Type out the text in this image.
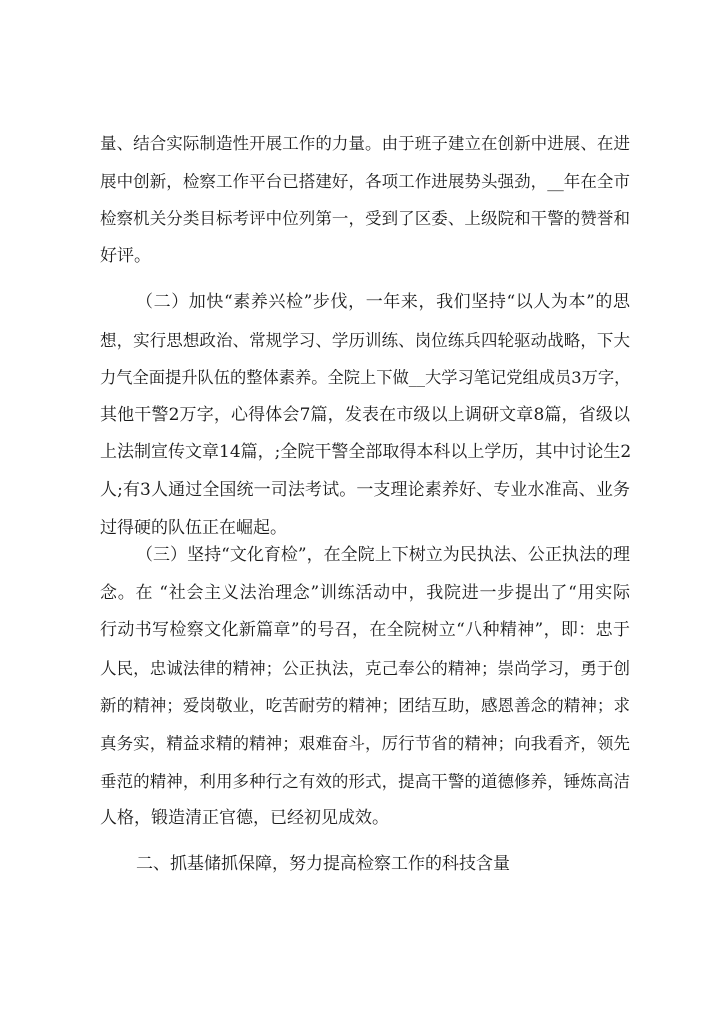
量、结合实际制造性开展工作的力量。由于班子建立在创新中进展、在进
展中创新，检察工作平台已搭建好，各项工作进展势头强劲，__年在全市
检察机关分类目标考评中位列第一，受到了区委、上级院和干警的赞誉和
好评。
（二）加快“素养兴检”步伐，一年来，我们坚持“以人为本”的思
想，实行思想政治、常规学习、学历训练、岗位练兵四轮驱动战略，下大
力气全面提升队伍的整体素养。全院上下做__大学习笔记党组成员3万字，
其他干警2万字，心得体会7篇，发表在市级以上调研文章8篇，省级以
上法制宣传文章14篇，;全院干警全部取得本科以上学历，其中讨论生2
人;有3人通过全国统一司法考试。一支理论素养好、专业水准高、业务
过得硬的队伍正在崛起。
（三）坚持“文化育检”，在全院上下树立为民执法、公正执法的理
念。在 “社会主义法治理念”训练活动中，我院进一步提出了“用实际
行动书写检察文化新篇章”的号召，在全院树立“八种精神”，即：忠于
人民，忠诚法律的精神；公正执法，克己奉公的精神；崇尚学习，勇于创
新的精神；爱岗敬业，吃苦耐劳的精神；团结互助，感恩善念的精神；求
真务实，精益求精的精神；艰难奋斗，厉行节省的精神；向我看齐，领先
垂范的精神，利用多种行之有效的形式，提高干警的道德修养，锤炼高洁
人格，锻造清正官德，已经初见成效。
二、抓基储抓保障，努力提高检察工作的科技含量
